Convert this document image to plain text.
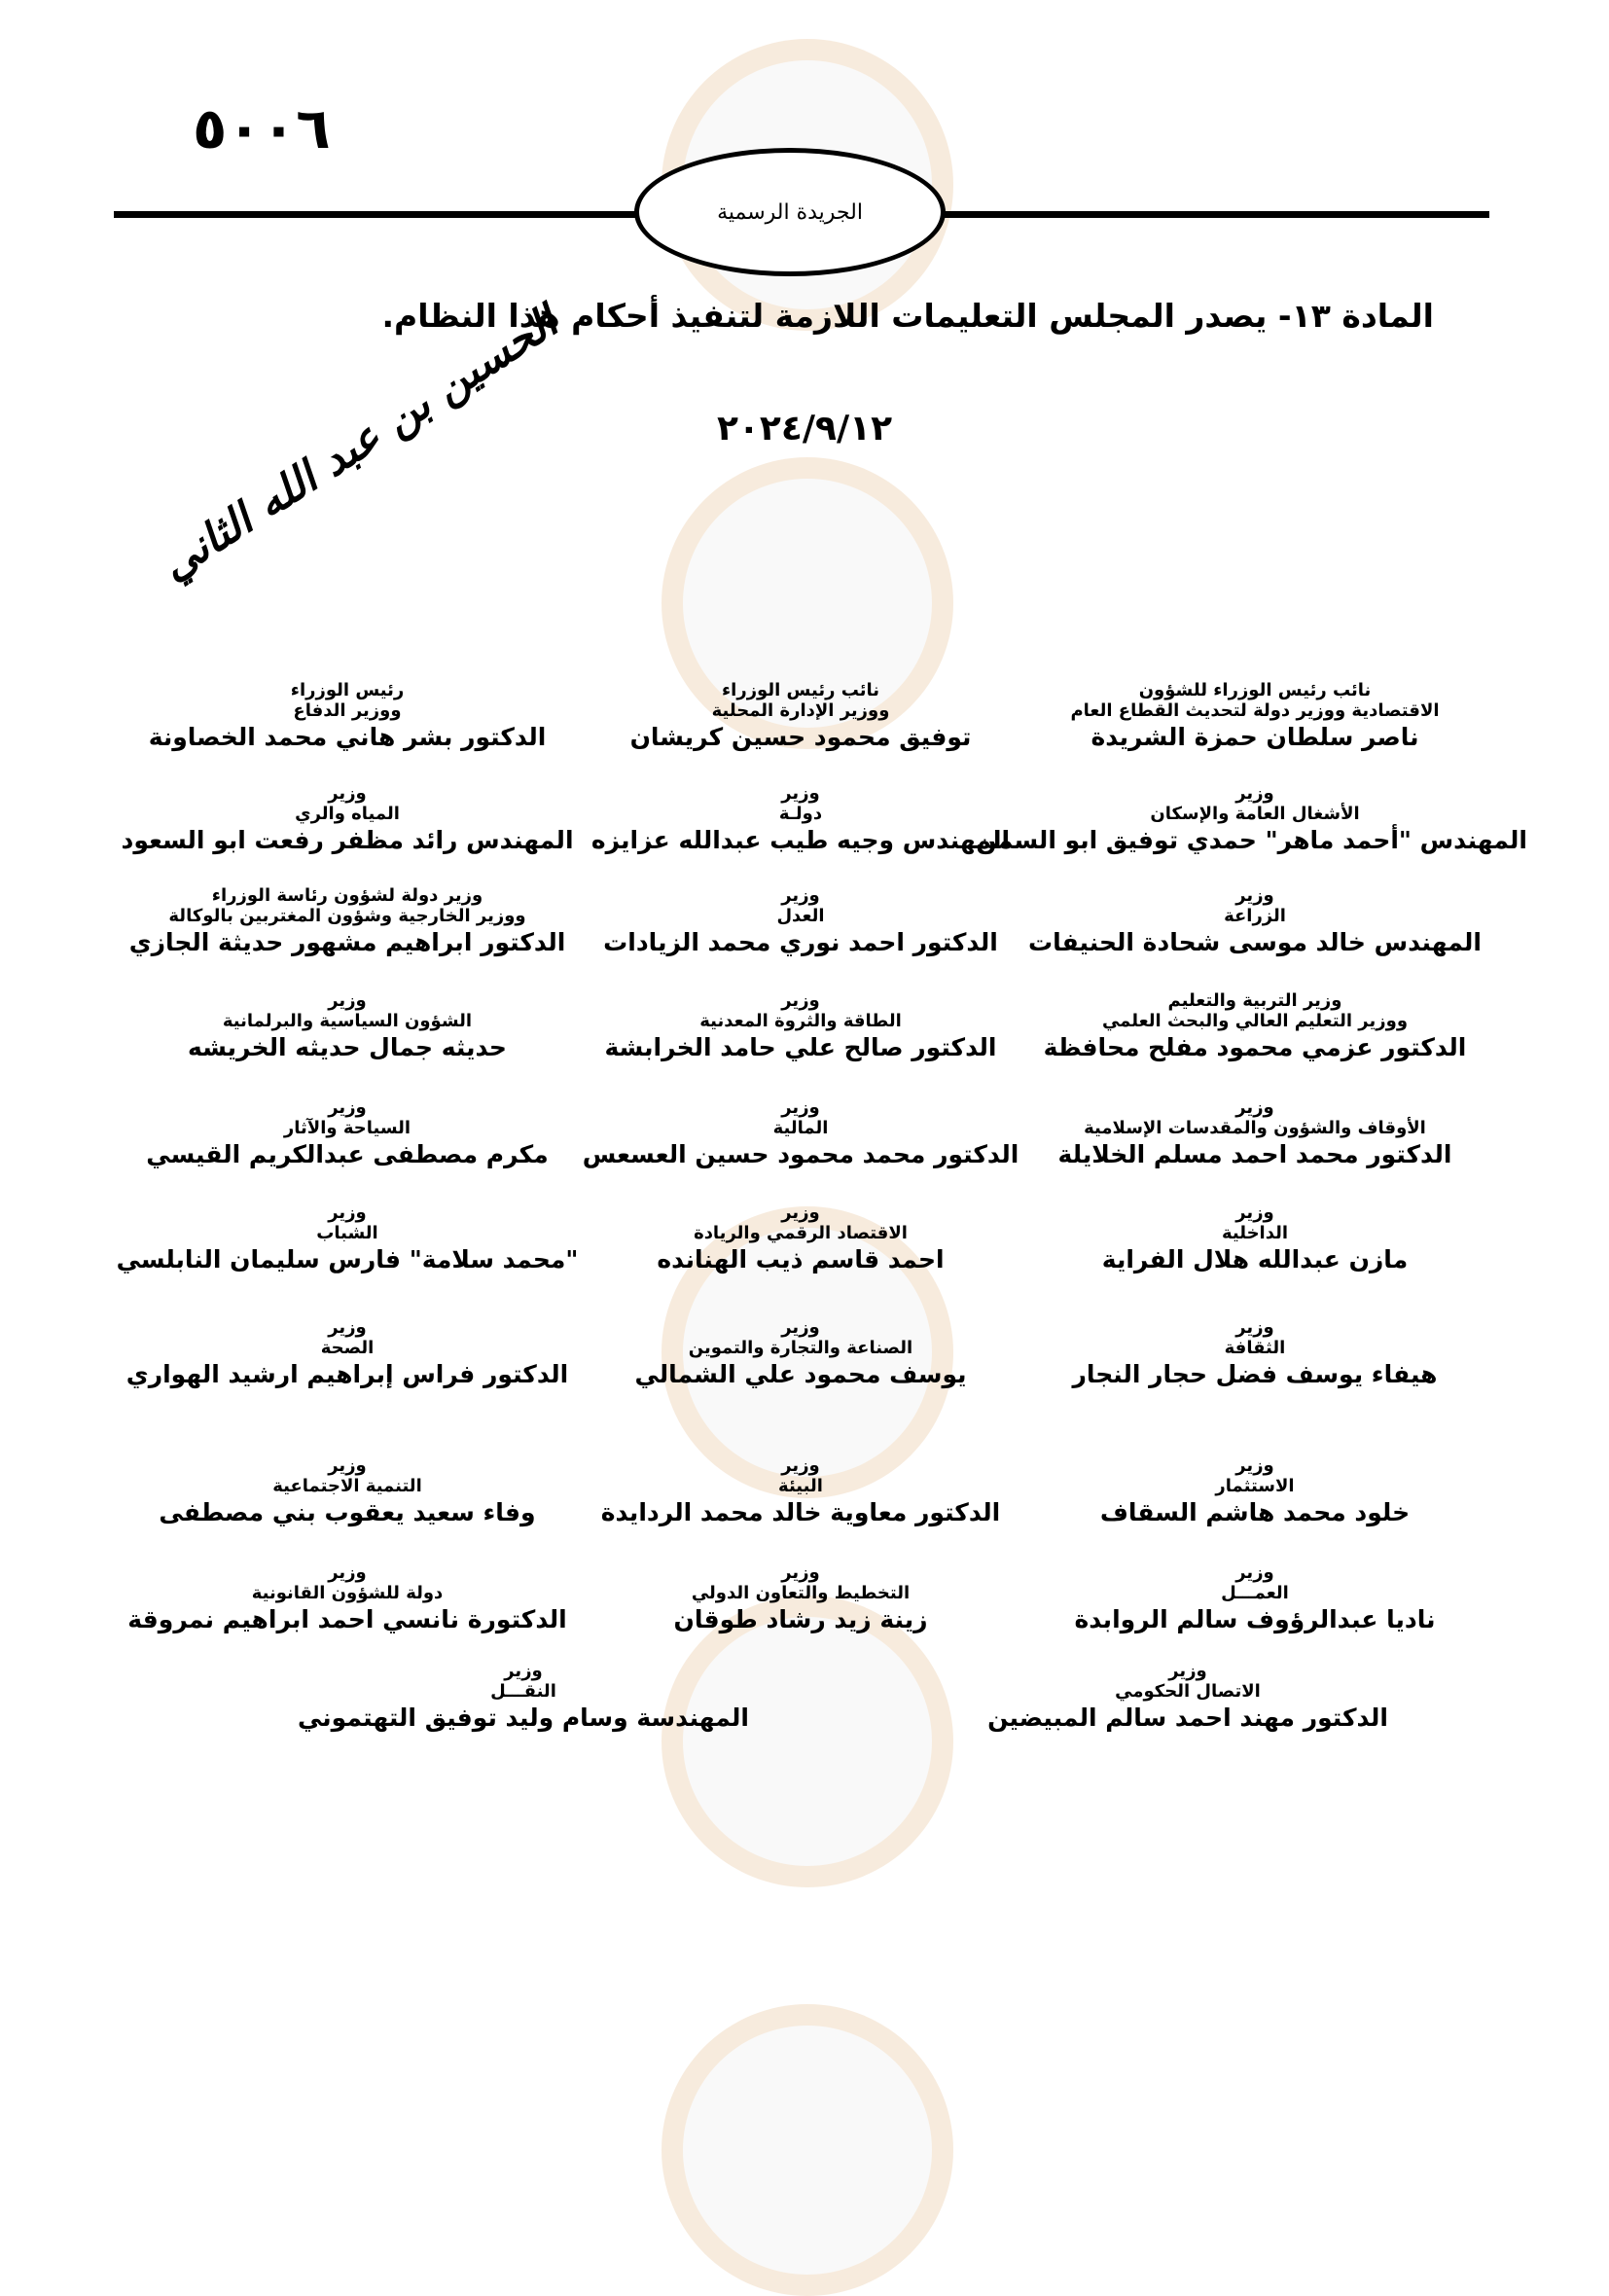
٥٠٠٦
الجريدة الرسمية
المادة ١٣- يصدر المجلس التعليمات اللازمة لتنفيذ أحكام هذا النظام.
٢٠٢٤/٩/١٢
الحسين بن عبد الله الثاني
نائب رئيس الوزراء للشؤون
الاقتصادية ووزير دولة لتحديث القطاع العام
ناصر سلطان حمزة الشريدة
نائب رئيس الوزراء
ووزير الإدارة المحلية
توفيق محمود حسين كريشان
رئيس الوزراء
ووزير الدفاع
الدكتور بشر هاني محمد الخصاونة
وزير
الأشغال العامة والإسكان
المهندس "أحمد ماهر" حمدي توفيق ابو السمن
وزير
دولـة
المهندس وجيه طيب عبدالله عزايزه
وزير
المياه والري
المهندس رائد مظفر رفعت ابو السعود
وزير
الزراعة
المهندس خالد موسى شحادة الحنيفات
وزير
العدل
الدكتور احمد نوري محمد الزيادات
وزير دولة لشؤون رئاسة الوزراء
ووزير الخارجية وشؤون المغتربين بالوكالة
الدكتور ابراهيم مشهور حديثة الجازي
وزير التربية والتعليم
ووزير التعليم العالي والبحث العلمي
الدكتور عزمي محمود مفلح محافظة
وزير
الطاقة والثروة المعدنية
الدكتور صالح علي حامد الخرابشة
وزير
الشؤون السياسية والبرلمانية
حديثه جمال حديثه الخريشه
وزير
الأوقاف والشؤون والمقدسات الإسلامية
الدكتور محمد احمد مسلم الخلايلة
وزير
المالية
الدكتور محمد محمود حسين العسعس
وزير
السياحة والآثار
مكرم مصطفى عبدالكريم القيسي
وزير
الداخلية
مازن عبدالله هلال الفراية
وزير
الاقتصاد الرقمي والريادة
احمد قاسم ذيب الهنانده
وزير
الشباب
"محمد سلامة" فارس سليمان النابلسي
وزير
الثقافة
هيفاء يوسف فضل حجار النجار
وزير
الصناعة والتجارة والتموين
يوسف محمود علي الشمالي
وزير
الصحة
الدكتور فراس إبراهيم ارشيد الهواري
وزير
الاستثمار
خلود محمد هاشم السقاف
وزير
البيئة
الدكتور معاوية خالد محمد الردايدة
وزير
التنمية الاجتماعية
وفاء سعيد يعقوب بني مصطفى
وزير
العمـــل
ناديا عبدالرؤوف سالم الروابدة
وزير
التخطيط والتعاون الدولي
زينة زيد رشاد طوقان
وزير
دولة للشؤون القانونية
الدكتورة نانسي احمد ابراهيم نمروقة
وزير
الاتصال الحكومي
الدكتور مهند احمد سالم المبيضين
وزير
النقـــل
المهندسة وسام وليد توفيق التهتموني
